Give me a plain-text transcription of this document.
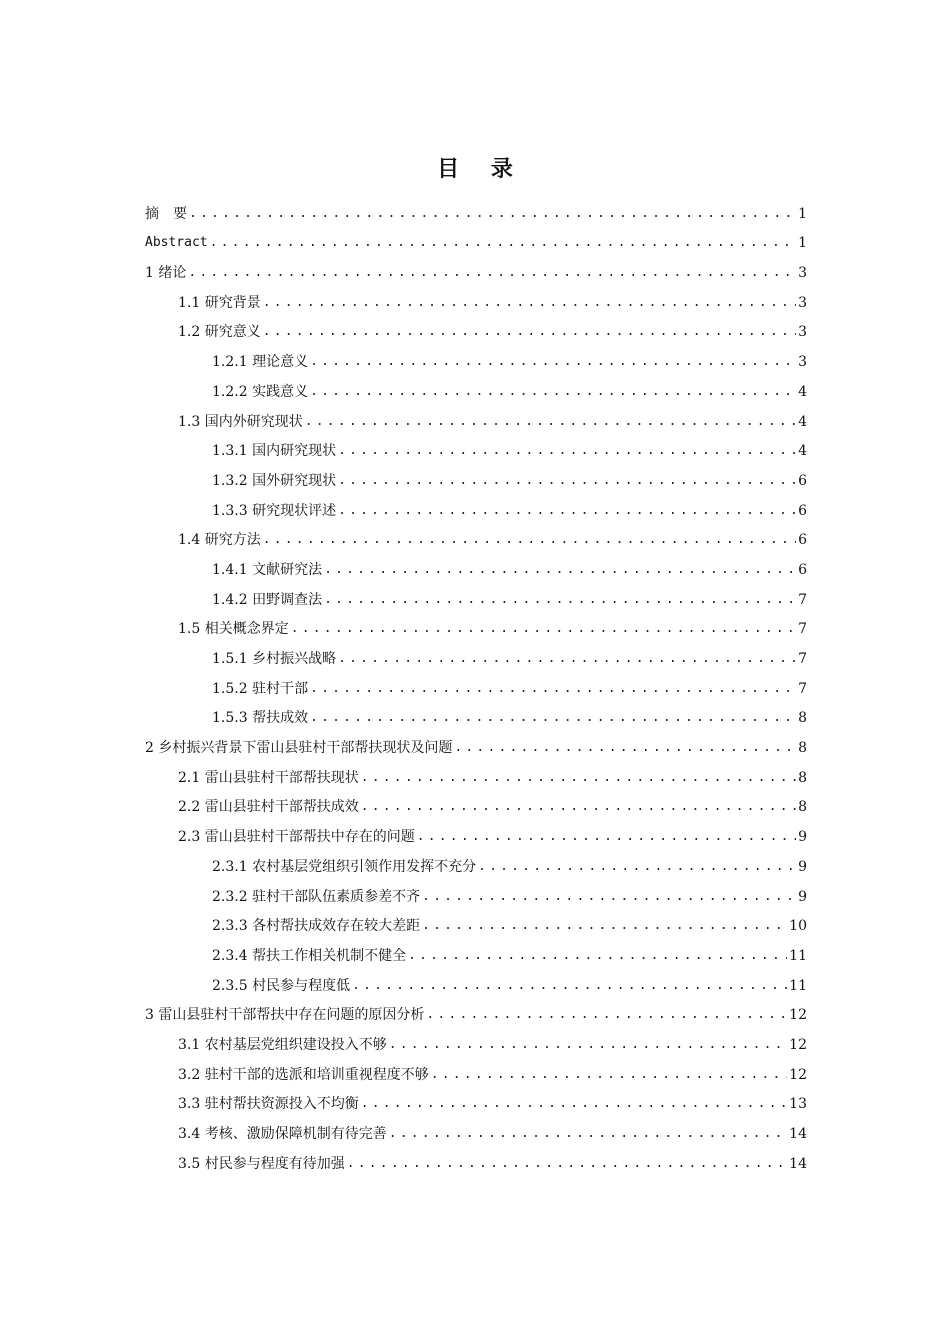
目 录
摘　要 .....	1
Abstract .....	1
1 绪论 .....	3
1.1 研究背景 .....	3
1.2 研究意义 .....	3
1.2.1 理论意义 .....	3
1.2.2 实践意义 .....	4
1.3 国内外研究现状 .....	4
1.3.1 国内研究现状 .....	4
1.3.2 国外研究现状 .....	6
1.3.3 研究现状评述 .....	6
1.4 研究方法 .....	6
1.4.1 文献研究法 .....	6
1.4.2 田野调查法 .....	7
1.5 相关概念界定 .....	7
1.5.1 乡村振兴战略 .....	7
1.5.2 驻村干部 .....	7
1.5.3 帮扶成效 .....	8
2 乡村振兴背景下雷山县驻村干部帮扶现状及问题 .....	8
2.1 雷山县驻村干部帮扶现状 .....	8
2.2 雷山县驻村干部帮扶成效 .....	8
2.3 雷山县驻村干部帮扶中存在的问题 .....	9
2.3.1 农村基层党组织引领作用发挥不充分 .....	9
2.3.2 驻村干部队伍素质参差不齐 .....	9
2.3.3 各村帮扶成效存在较大差距 .....	10
2.3.4 帮扶工作相关机制不健全 .....	11
2.3.5 村民参与程度低 .....	11
3 雷山县驻村干部帮扶中存在问题的原因分析 .....	12
3.1 农村基层党组织建设投入不够 .....	12
3.2 驻村干部的选派和培训重视程度不够 .....	12
3.3 驻村帮扶资源投入不均衡 .....	13
3.4 考核、激励保障机制有待完善 .....	14
3.5 村民参与程度有待加强 .....	14
